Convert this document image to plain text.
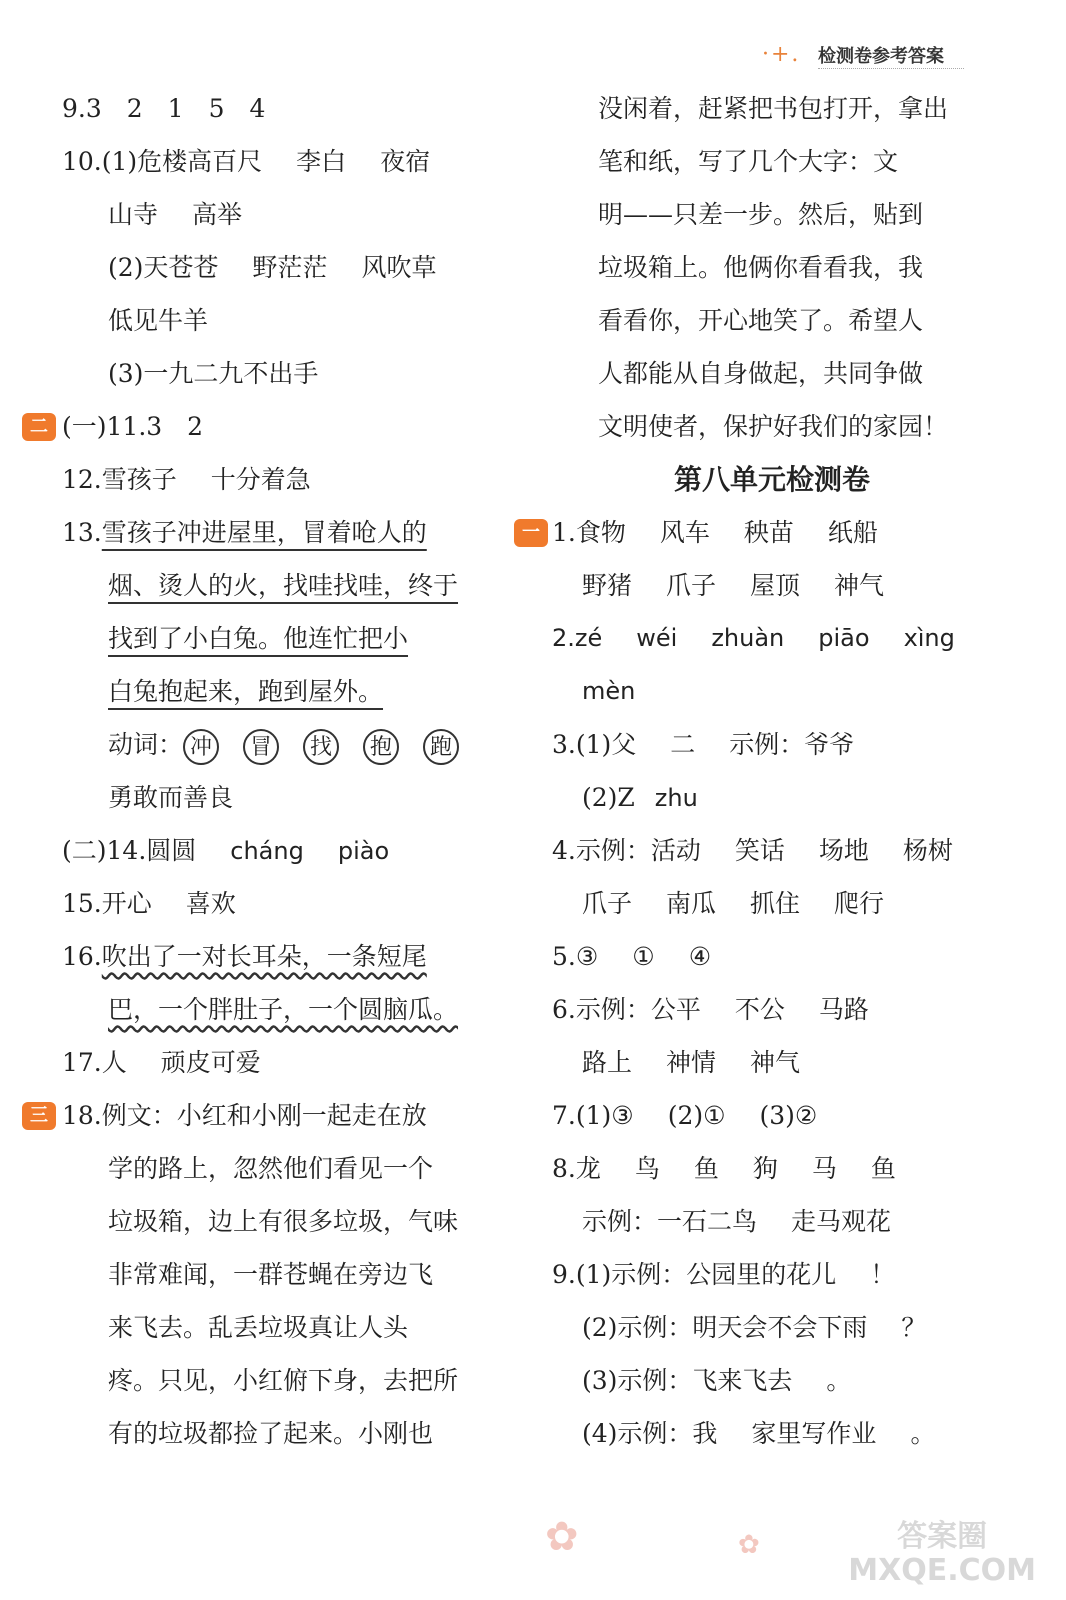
·+. 检测卷参考答案
9.3　2　1　5　4
10.(1)危楼高百尺 李白 夜宿
山寺 高举
(2)天苍苍 野茫茫 风吹草
低见牛羊
(3)一九二九不出手
二 (一)11.3　2
12.雪孩子 十分着急
13.雪孩子冲进屋里，冒着呛人的
烟、烫人的火，找哇找哇，终于
找到了小白兔。他连忙把小
白兔抱起来，跑到屋外。
动词： 冲 冒 找 抱 跑
勇敢而善良
(二)14.圆圆 cháng piào
15.开心 喜欢
16.吹出了一对长耳朵，一条短尾
巴，一个胖肚子，一个圆脑瓜。
17.人 顽皮可爱
三 18.例文：小红和小刚一起走在放
学的路上，忽然他们看见一个
垃圾箱，边上有很多垃圾，气味
非常难闻，一群苍蝇在旁边飞
来飞去。乱丢垃圾真让人头
疼。只见，小红俯下身，去把所
有的垃圾都捡了起来。小刚也
没闲着，赶紧把书包打开，拿出
笔和纸，写了几个大字：文
明——只差一步。然后，贴到
垃圾箱上。他俩你看看我，我
看看你，开心地笑了。希望人
人都能从自身做起，共同争做
文明使者，保护好我们的家园！
第八单元检测卷
一 1.食物 风车 秧苗 纸船
野猪 爪子 屋顶 神气
2.zé wéi zhuàn piāo xìng
mèn
3.(1)父 二 示例：爷爷
(2)Z zhu
4.示例：活动 笑话 场地 杨树
爪子 南瓜 抓住 爬行
5.③ ① ④
6.示例：公平 不公 马路
路上 神情 神气
7.(1)③ (2)① (3)②
8.龙 鸟 鱼 狗 马 鱼
示例：一石二鸟 走马观花
9.(1)示例：公园里的花儿 ！
(2)示例：明天会不会下雨 ？
(3)示例：飞来飞去 。
(4)示例：我 家里写作业 。
✿	✿	答案圈
MXQE.COM
